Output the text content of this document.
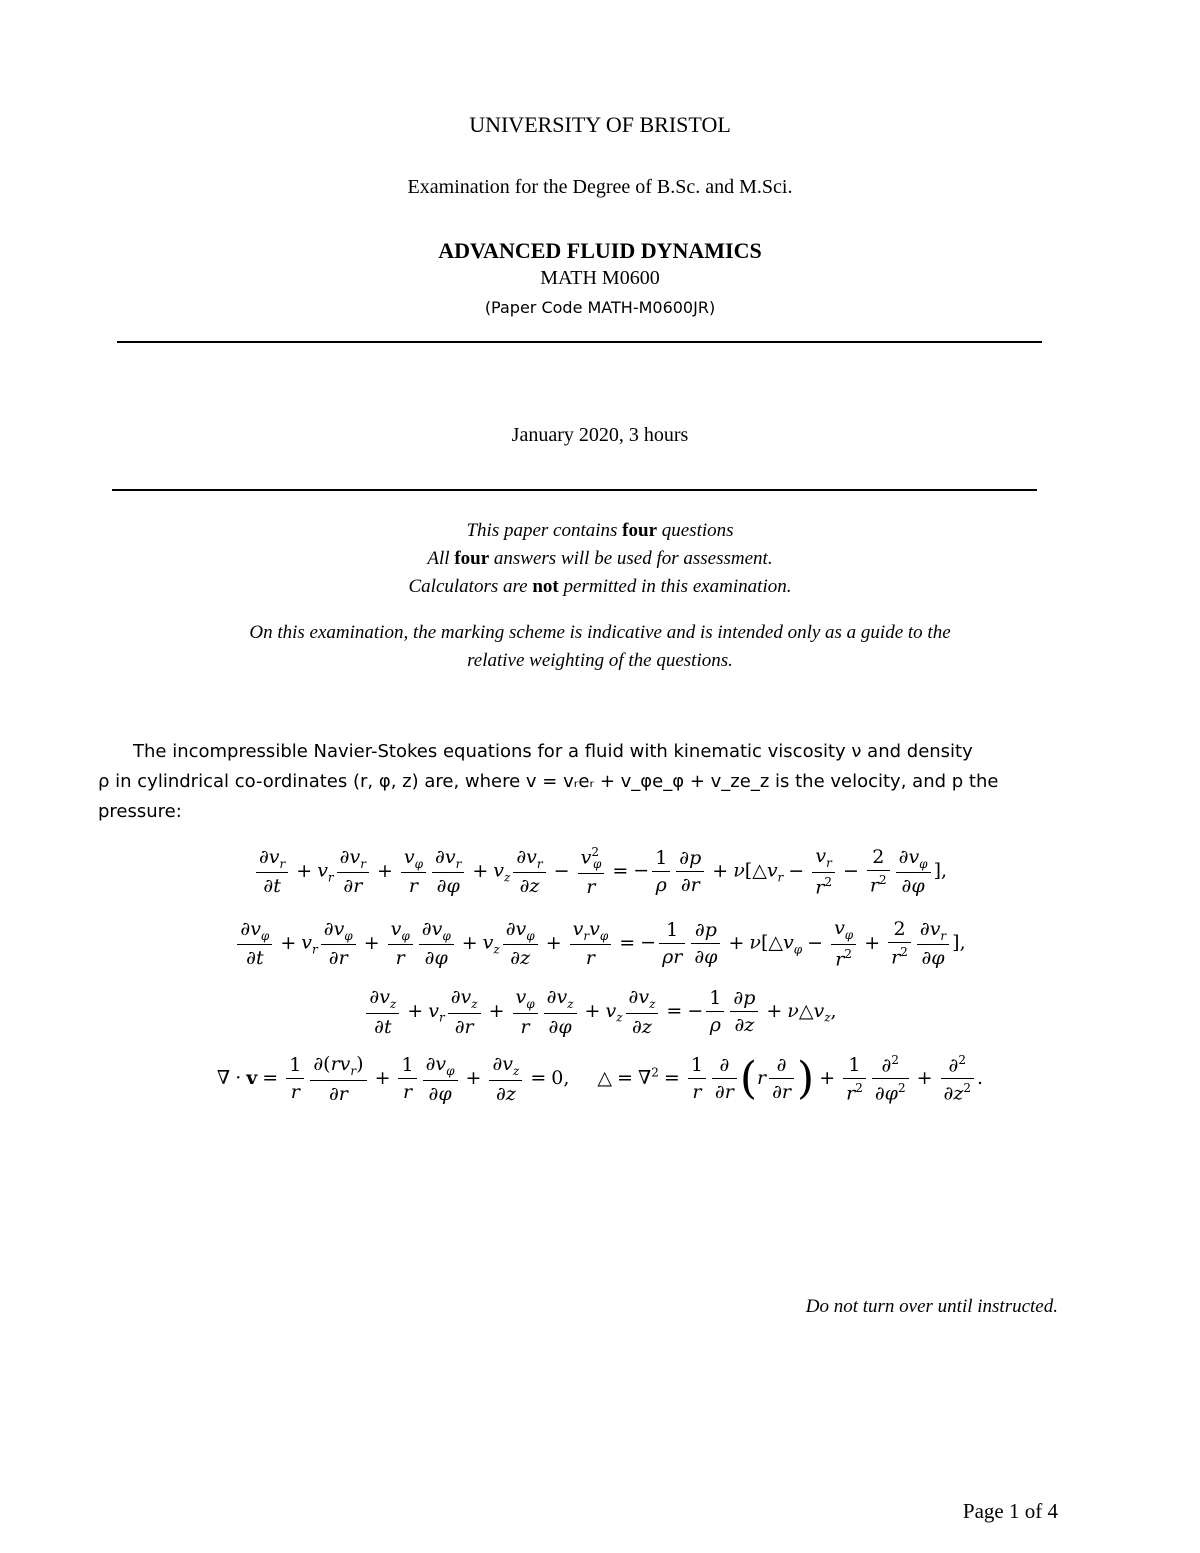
UNIVERSITY OF BRISTOL
Examination for the Degree of B.Sc. and M.Sci.
ADVANCED FLUID DYNAMICS
MATH M0600
(Paper Code MATH-M0600JR)
January 2020, 3 hours
This paper contains four questions
All four answers will be used for assessment.
Calculators are not permitted in this examination.
On this examination, the marking scheme is indicative and is intended only as a guide to the
relative weighting of the questions.
The incompressible Navier-Stokes equations for a fluid with kinematic viscosity ν and density
ρ in cylindrical co-ordinates (r, φ, z) are, where v = vᵣeᵣ + v_φe_φ + v_ze_z is the velocity, and p the
pressure:
$\frac{\partial v_r}{\partial t} + v_r \frac{\partial v_r}{\partial r} + \frac{v_\varphi}{r} \frac{\partial v_r}{\partial\varphi} + v_z \frac{\partial v_r}{\partial z} - \frac{v^2_\varphi}{r}$ = − $\frac{1}{\rho} \frac{\partial p}{\partial r}$ + $\nu[\triangle v_r - \frac{v_r}{r^2} - \frac{2}{r^2} \frac{\partial v_\varphi}{\partial\varphi}$ ],
$\frac{\partial v_\varphi}{\partial t} + v_r \frac{\partial v_\varphi}{\partial r} + \frac{v_\varphi}{r} \frac{\partial v_\varphi}{\partial\varphi} + v_z \frac{\partial v_\varphi}{\partial z} + \frac{v_rv_\varphi}{r}$ = − $\frac{1}{\rho r} \frac{\partial p}{\partial\varphi}$ + $\nu[\triangle v_\varphi - \frac{v_\varphi}{r^2} + \frac{2}{r^2} \frac{\partial v_r}{\partial\varphi}$ ],
$\frac{\partial v_z}{\partial t} + v_r \frac{\partial v_z}{\partial r} + \frac{v_\varphi}{r} \frac{\partial v_z}{\partial\varphi} + v_z \frac{\partial v_z}{\partial z}$ = − $\frac{1}{\rho} \frac{\partial p}{\partial z}$ + $\nu\triangle v_z$,
∇ · $v = \frac{1}{r} \frac{\partial(rv_r)}{\partial r} + \frac{1}{r} \frac{\partial v_\varphi}{\partial\varphi} + \frac{\partial v_z}{\partial z} = 0$, △ = $\nabla^2 = \frac{1}{r} \frac{\partial}{\partial r} (r \frac{\partial}{\partial r}$ ) + $\frac{1}{r^2} \frac{\partial^2}{\partial\varphi^2} + \frac{\partial^2}{\partial z^2}$ .
Do not turn over until instructed.
Page 1 of 4
